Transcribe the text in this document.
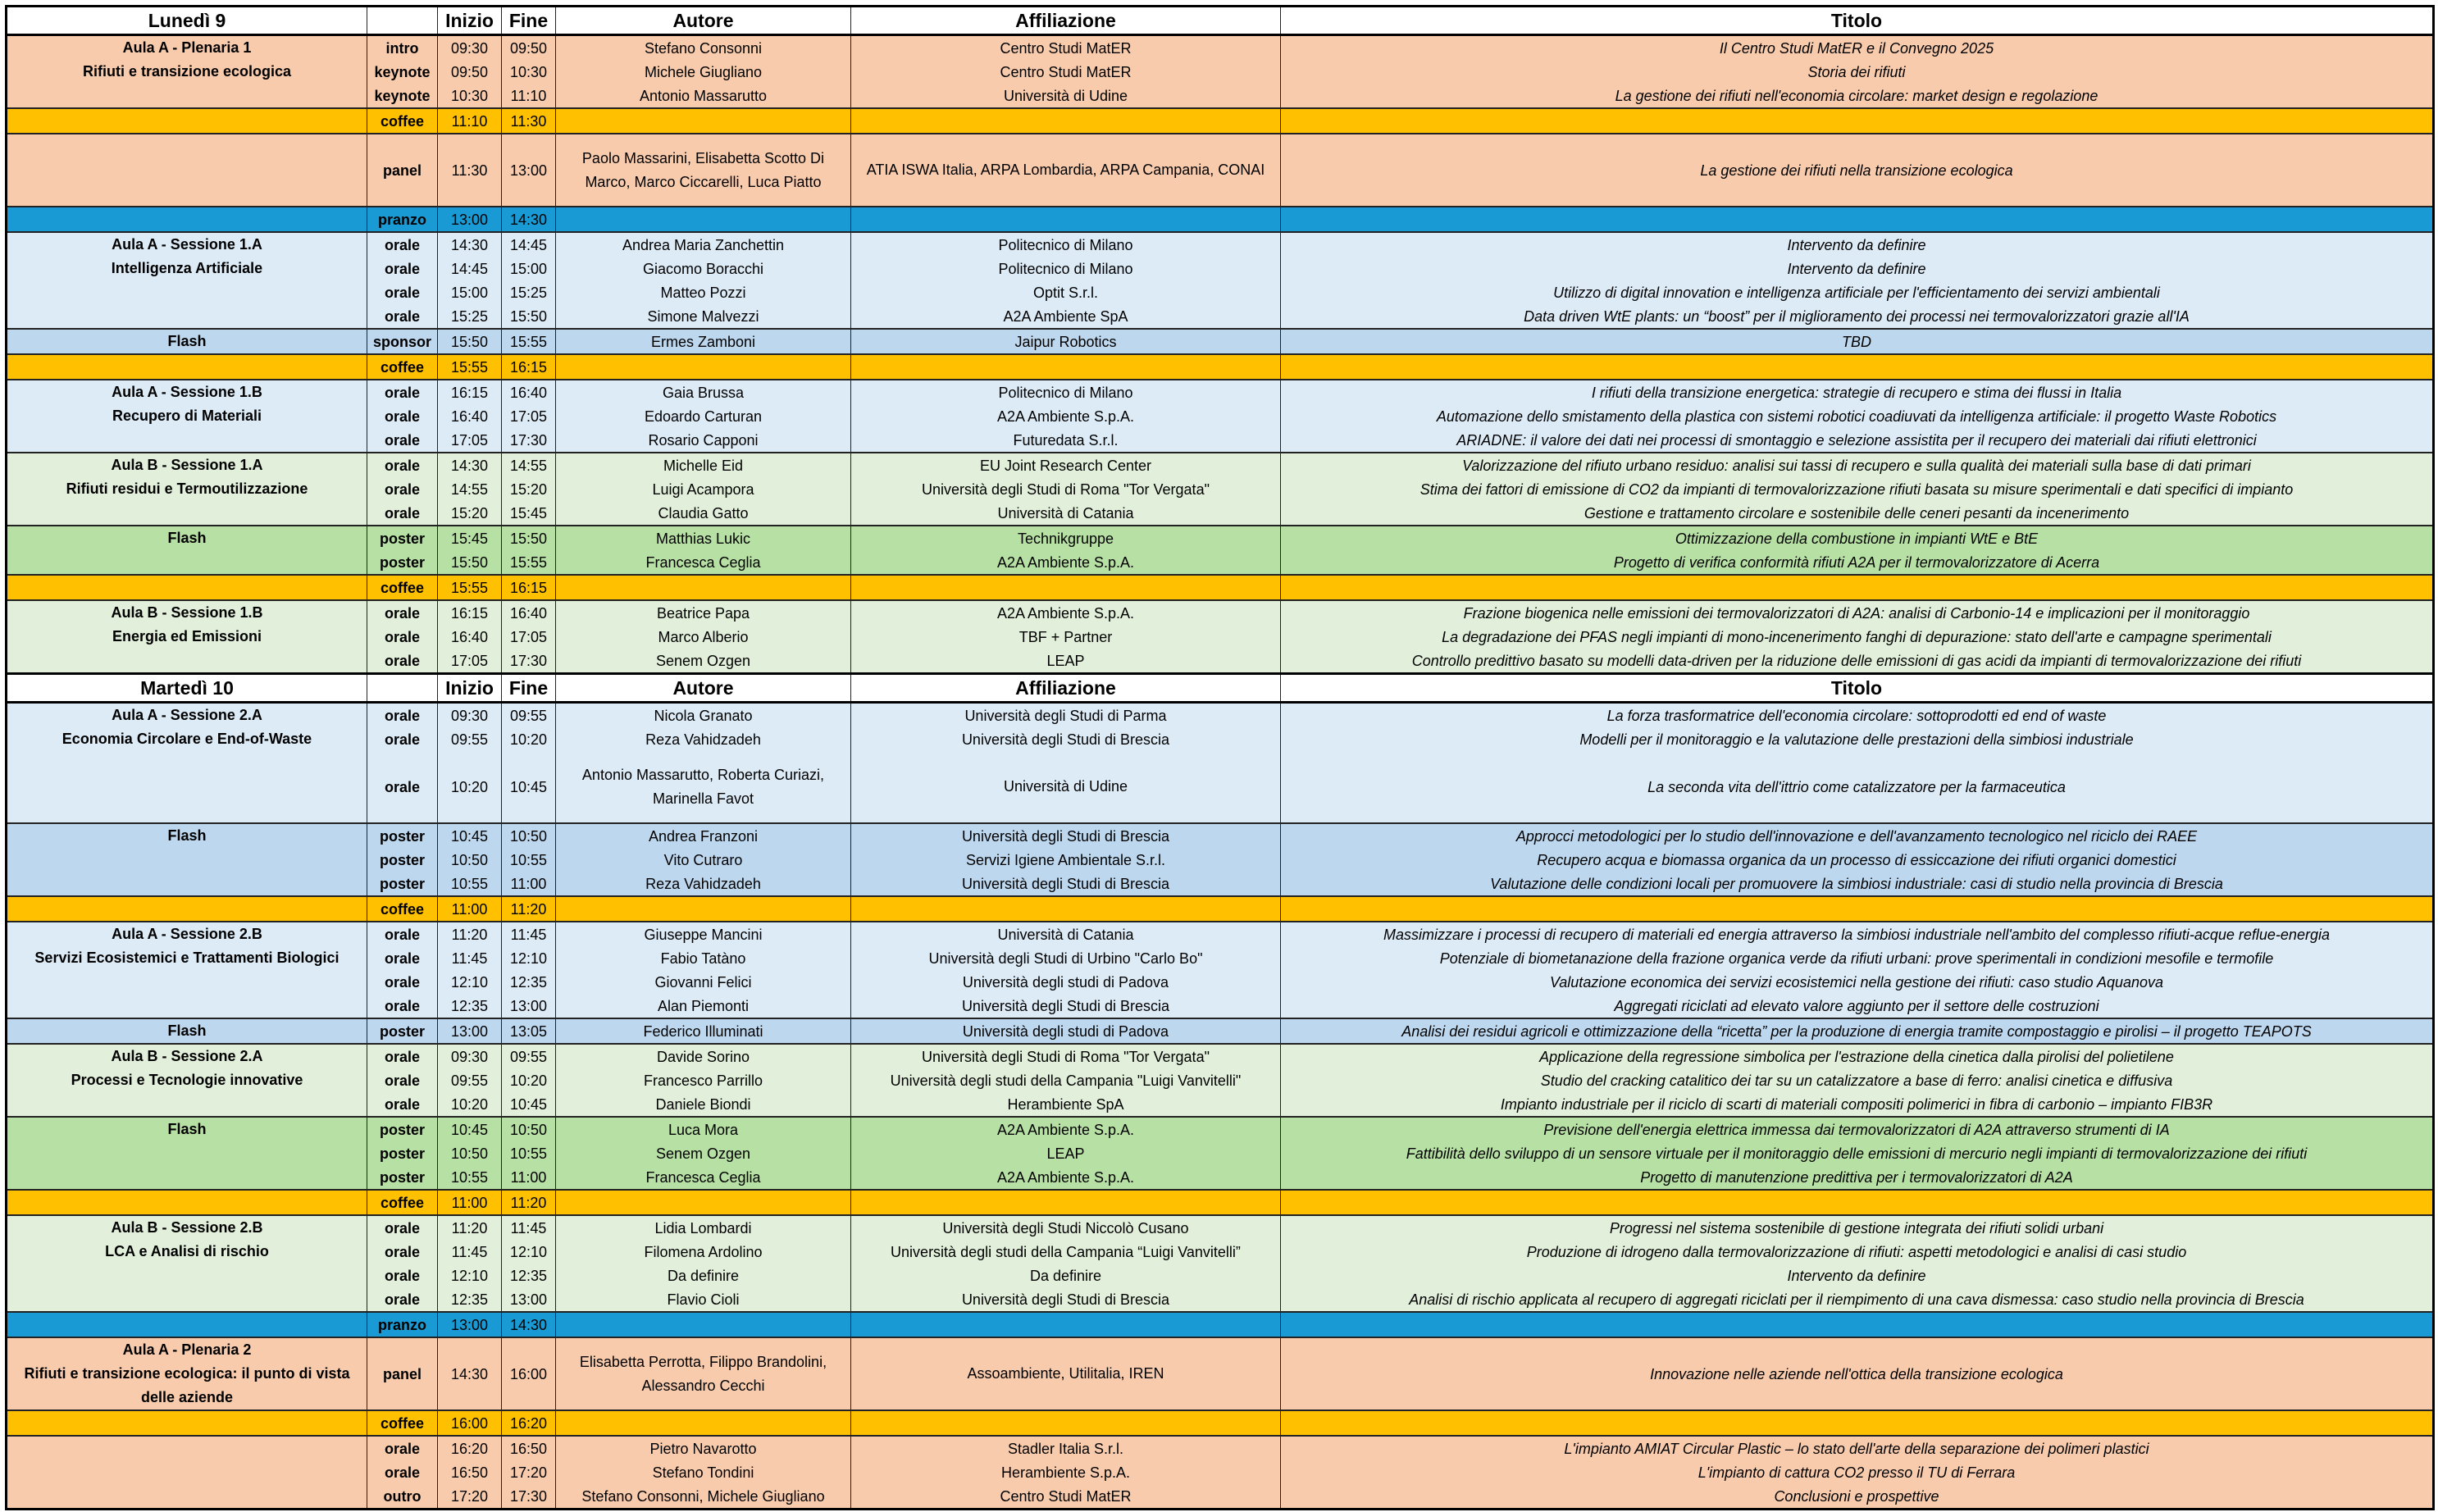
Lunedì 9		Inizio	Fine	Autore	Affiliazione	Titolo
Aula A - Plenaria 1
Rifiuti e transizione ecologica	intro	09:30	09:50	Stefano Consonni	Centro Studi MatER	Il Centro Studi MatER e il Convegno 2025
	keynote	09:50	10:30	Michele Giugliano	Centro Studi MatER	Storia dei rifiuti
	keynote	10:30	11:10	Antonio Massarutto	Università di Udine	La gestione dei rifiuti nell'economia circolare: market design e regolazione
	coffee	11:10	11:30			
	panel	11:30	13:00	Paolo Massarini, Elisabetta Scotto Di Marco, Marco Ciccarelli, Luca Piatto	ATIA ISWA Italia, ARPA Lombardia, ARPA Campania, CONAI	La gestione dei rifiuti nella transizione ecologica
	pranzo	13:00	14:30			
Aula A - Sessione 1.A
Intelligenza Artificiale	orale	14:30	14:45	Andrea Maria Zanchettin	Politecnico di Milano	Intervento da definire
	orale	14:45	15:00	Giacomo Boracchi	Politecnico di Milano	Intervento da definire
	orale	15:00	15:25	Matteo Pozzi	Optit S.r.l.	Utilizzo di digital innovation e intelligenza artificiale per l'efficientamento dei servizi ambientali
	orale	15:25	15:50	Simone Malvezzi	A2A Ambiente SpA	Data driven WtE plants: un “boost” per il miglioramento dei processi nei termovalorizzatori grazie all'IA
Flash	sponsor	15:50	15:55	Ermes Zamboni	Jaipur Robotics	TBD
	coffee	15:55	16:15			
Aula A - Sessione 1.B
Recupero di Materiali	orale	16:15	16:40	Gaia Brussa	Politecnico di Milano	I rifiuti della transizione energetica: strategie di recupero e stima dei flussi in Italia
	orale	16:40	17:05	Edoardo Carturan	A2A Ambiente S.p.A.	Automazione dello smistamento della plastica con sistemi robotici coadiuvati da intelligenza artificiale: il progetto Waste Robotics
	orale	17:05	17:30	Rosario Capponi	Futuredata S.r.l.	ARIADNE: il valore dei dati nei processi di smontaggio e selezione assistita per il recupero dei materiali dai rifiuti elettronici
Aula B - Sessione 1.A
Rifiuti residui e Termoutilizzazione	orale	14:30	14:55	Michelle Eid	EU Joint Research Center	Valorizzazione del rifiuto urbano residuo: analisi sui tassi di recupero e sulla qualità dei materiali sulla base di dati primari
	orale	14:55	15:20	Luigi Acampora	Università degli Studi di Roma "Tor Vergata"	Stima dei fattori di emissione di CO2 da impianti di termovalorizzazione rifiuti basata su misure sperimentali e dati specifici di impianto
	orale	15:20	15:45	Claudia Gatto	Università di Catania	Gestione e trattamento circolare e sostenibile delle ceneri pesanti da incenerimento
Flash	poster	15:45	15:50	Matthias Lukic	Technikgruppe	Ottimizzazione della combustione in impianti WtE e BtE
	poster	15:50	15:55	Francesca Ceglia	A2A Ambiente S.p.A.	Progetto di verifica conformità rifiuti A2A per il termovalorizzatore di Acerra
	coffee	15:55	16:15			
Aula B - Sessione 1.B
Energia ed Emissioni	orale	16:15	16:40	Beatrice Papa	A2A Ambiente S.p.A.	Frazione biogenica nelle emissioni dei termovalorizzatori di A2A: analisi di Carbonio-14 e implicazioni per il monitoraggio
	orale	16:40	17:05	Marco Alberio	TBF + Partner	La degradazione dei PFAS negli impianti di mono-incenerimento fanghi di depurazione: stato dell'arte e campagne sperimentali
	orale	17:05	17:30	Senem Ozgen	LEAP	Controllo predittivo basato su modelli data-driven per la riduzione delle emissioni di gas acidi da impianti di termovalorizzazione dei rifiuti
Martedì 10		Inizio	Fine	Autore	Affiliazione	Titolo
Aula A - Sessione 2.A
Economia Circolare e End-of-Waste	orale	09:30	09:55	Nicola Granato	Università degli Studi di Parma	La forza trasformatrice dell'economia circolare: sottoprodotti ed end of waste
	orale	09:55	10:20	Reza Vahidzadeh	Università degli Studi di Brescia	Modelli per il monitoraggio e la valutazione delle prestazioni della simbiosi industriale
	orale	10:20	10:45	Antonio Massarutto, Roberta Curiazi, Marinella Favot	Università di Udine	La seconda vita dell'ittrio come catalizzatore per la farmaceutica
Flash	poster	10:45	10:50	Andrea Franzoni	Università degli Studi di Brescia	Approcci metodologici per lo studio dell'innovazione e dell'avanzamento tecnologico nel riciclo dei RAEE
	poster	10:50	10:55	Vito Cutraro	Servizi Igiene Ambientale S.r.l.	Recupero acqua e biomassa organica da un processo di essiccazione dei rifiuti organici domestici
	poster	10:55	11:00	Reza Vahidzadeh	Università degli Studi di Brescia	Valutazione delle condizioni locali per promuovere la simbiosi industriale: casi di studio nella provincia di Brescia
	coffee	11:00	11:20			
Aula A - Sessione 2.B
Servizi Ecosistemici e Trattamenti Biologici	orale	11:20	11:45	Giuseppe Mancini	Università di Catania	Massimizzare i processi di recupero di materiali ed energia attraverso la simbiosi industriale nell'ambito del complesso rifiuti-acque reflue-energia
	orale	11:45	12:10	Fabio Tatàno	Università degli Studi di Urbino "Carlo Bo"	Potenziale di biometanazione della frazione organica verde da rifiuti urbani: prove sperimentali in condizioni mesofile e termofile
	orale	12:10	12:35	Giovanni Felici	Università degli studi di Padova	Valutazione economica dei servizi ecosistemici nella gestione dei rifiuti: caso studio Aquanova
	orale	12:35	13:00	Alan Piemonti	Università degli Studi di Brescia	Aggregati riciclati ad elevato valore aggiunto per il settore delle costruzioni
Flash	poster	13:00	13:05	Federico Illuminati	Università degli studi di Padova	Analisi dei residui agricoli e ottimizzazione della “ricetta” per la produzione di energia tramite compostaggio e pirolisi – il progetto TEAPOTS
Aula B - Sessione 2.A
Processi e Tecnologie innovative	orale	09:30	09:55	Davide Sorino	Università degli Studi di Roma "Tor Vergata"	Applicazione della regressione simbolica per l'estrazione della cinetica dalla pirolisi del polietilene
	orale	09:55	10:20	Francesco Parrillo	Università degli studi della Campania "Luigi Vanvitelli"	Studio del cracking catalitico dei tar su un catalizzatore a base di ferro: analisi cinetica e diffusiva
	orale	10:20	10:45	Daniele Biondi	Herambiente SpA	Impianto industriale per il riciclo di scarti di materiali compositi polimerici in fibra di carbonio – impianto FIB3R
Flash	poster	10:45	10:50	Luca Mora	A2A Ambiente S.p.A.	Previsione dell'energia elettrica immessa dai termovalorizzatori di A2A attraverso strumenti di IA
	poster	10:50	10:55	Senem Ozgen	LEAP	Fattibilità dello sviluppo di un sensore virtuale per il monitoraggio delle emissioni di mercurio negli impianti di termovalorizzazione dei rifiuti
	poster	10:55	11:00	Francesca Ceglia	A2A Ambiente S.p.A.	Progetto di manutenzione predittiva per i termovalorizzatori di A2A
	coffee	11:00	11:20			
Aula B - Sessione 2.B
LCA e Analisi di rischio	orale	11:20	11:45	Lidia Lombardi	Università degli Studi Niccolò Cusano	Progressi nel sistema sostenibile di gestione integrata dei rifiuti solidi urbani
	orale	11:45	12:10	Filomena Ardolino	Università degli studi della Campania “Luigi Vanvitelli”	Produzione di idrogeno dalla termovalorizzazione di rifiuti: aspetti metodologici e analisi di casi studio
	orale	12:10	12:35	Da definire	Da definire	Intervento da definire
	orale	12:35	13:00	Flavio Cioli	Università degli Studi di Brescia	Analisi di rischio applicata al recupero di aggregati riciclati per il riempimento di una cava dismessa: caso studio nella provincia di Brescia
	pranzo	13:00	14:30			
Aula A - Plenaria 2
Rifiuti e transizione ecologica: il punto di vista delle aziende	panel	14:30	16:00	Elisabetta Perrotta, Filippo Brandolini, Alessandro Cecchi	Assoambiente, Utilitalia, IREN	Innovazione nelle aziende nell'ottica della transizione ecologica
	coffee	16:00	16:20			
	orale	16:20	16:50	Pietro Navarotto	Stadler Italia S.r.l.	L'impianto AMIAT Circular Plastic – lo stato dell'arte della separazione dei polimeri plastici
	orale	16:50	17:20	Stefano Tondini	Herambiente S.p.A.	L'impianto di cattura CO2 presso il TU di Ferrara
	outro	17:20	17:30	Stefano Consonni, Michele Giugliano	Centro Studi MatER	Conclusioni e prospettive
